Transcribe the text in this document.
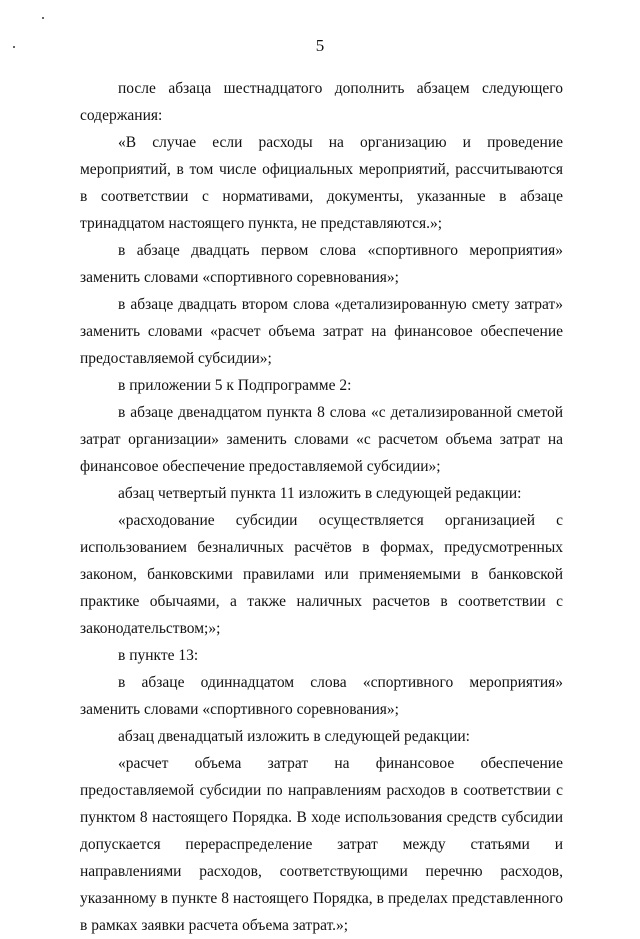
5

после абзаца шестнадцатого дополнить абзацем следующего содержания:

«В случае если расходы на организацию и проведение мероприятий, в том числе официальных мероприятий, рассчитываются в соответствии с нормативами, документы, указанные в абзаце тринадцатом настоящего пункта, не представляются.»;

в абзаце двадцать первом слова «спортивного мероприятия» заменить словами «спортивного соревнования»;

в абзаце двадцать втором слова «детализированную смету затрат» заменить словами «расчет объема затрат на финансовое обеспечение предоставляемой субсидии»;

в приложении 5 к Подпрограмме 2:

в абзаце двенадцатом пункта 8 слова «с детализированной сметой затрат организации» заменить словами «с расчетом объема затрат на финансовое обеспечение предоставляемой субсидии»;

абзац четвертый пункта 11 изложить в следующей редакции:

«расходование субсидии осуществляется организацией с использованием безналичных расчётов в формах, предусмотренных законом, банковскими правилами или применяемыми в банковской практике обычаями, а также наличных расчетов в соответствии с законодательством;»;

в пункте 13:

в абзаце одиннадцатом слова «спортивного мероприятия» заменить словами «спортивного соревнования»;

абзац двенадцатый изложить в следующей редакции:

«расчет объема затрат на финансовое обеспечение предоставляемой субсидии по направлениям расходов в соответствии с пунктом 8 настоящего Порядка. В ходе использования средств субсидии допускается перераспределение затрат между статьями и направлениями расходов, соответствующими перечню расходов, указанному в пункте 8 настоящего Порядка, в пределах представленного в рамках заявки расчета объема затрат.»;
